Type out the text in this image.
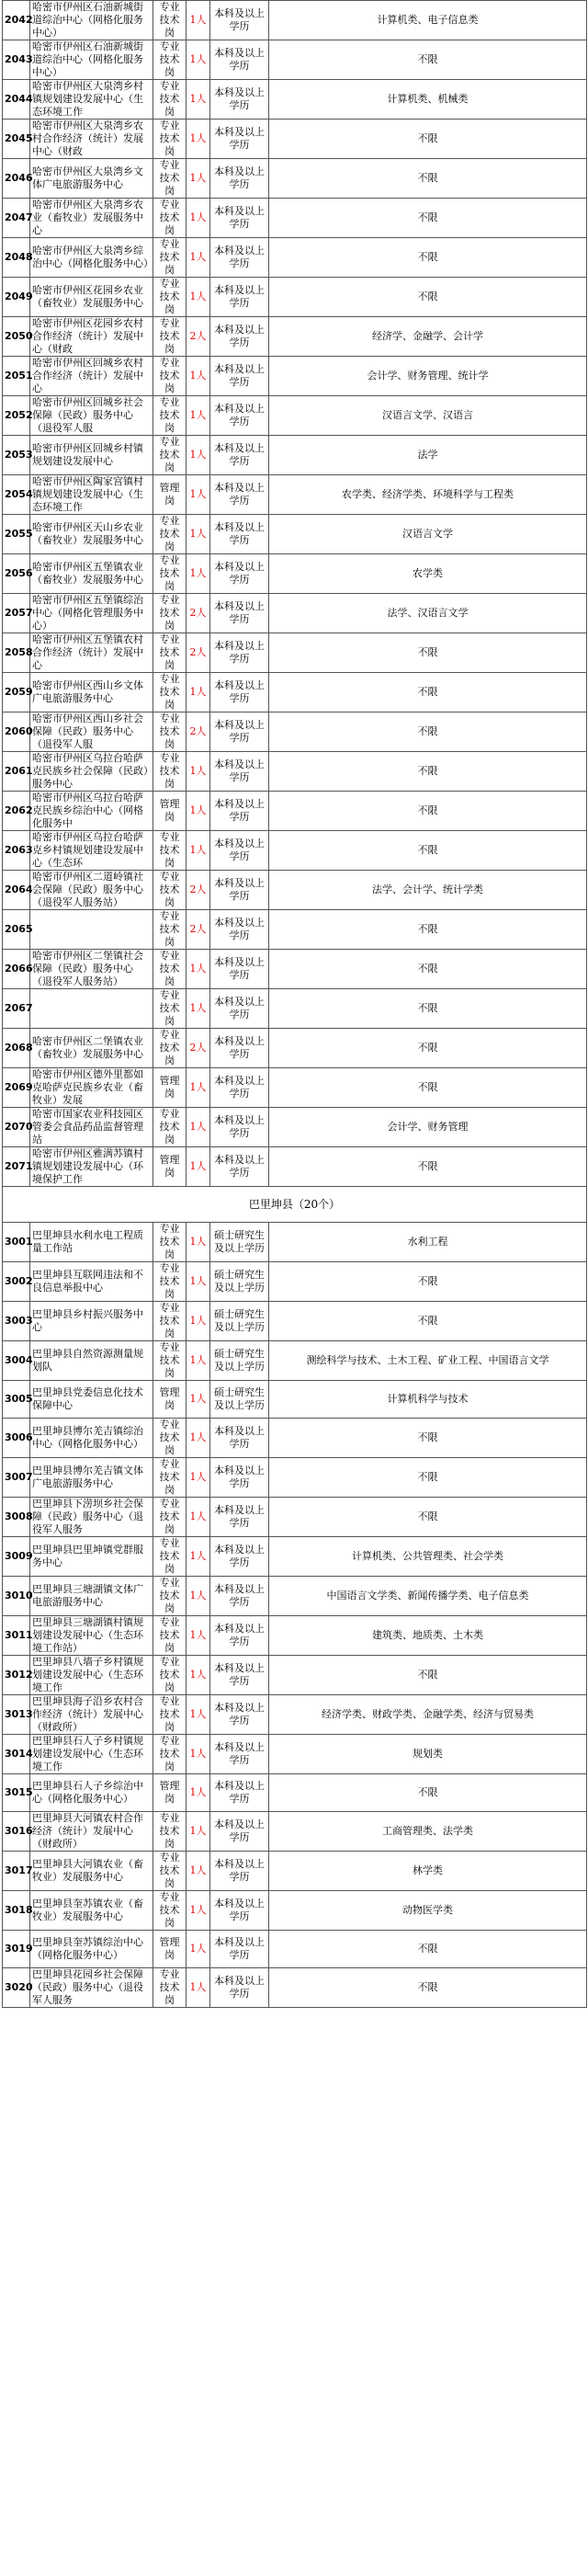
2042	哈密市伊州区石油新城街道综治中心（网格化服务中心）	专业技术岗	1人	本科及以上学历	计算机类、电子信息类
2043	哈密市伊州区石油新城街道综治中心（网格化服务中心）	专业技术岗	1人	本科及以上学历	不限
2044	哈密市伊州区大泉湾乡村镇规划建设发展中心（生态环境工作	专业技术岗	1人	本科及以上学历	计算机类、机械类
2045	哈密市伊州区大泉湾乡农村合作经济（统计）发展中心（财政	专业技术岗	1人	本科及以上学历	不限
2046	哈密市伊州区大泉湾乡文体广电旅游服务中心	专业技术岗	1人	本科及以上学历	不限
2047	哈密市伊州区大泉湾乡农业（畜牧业）发展服务中心	专业技术岗	1人	本科及以上学历	不限
2048	哈密市伊州区大泉湾乡综治中心（网格化服务中心）	专业技术岗	1人	本科及以上学历	不限
2049	哈密市伊州区花园乡农业（畜牧业）发展服务中心	专业技术岗	1人	本科及以上学历	不限
2050	哈密市伊州区花园乡农村合作经济（统计）发展中心（财政	专业技术岗	2人	本科及以上学历	经济学、金融学、会计学
2051	哈密市伊州区回城乡农村合作经济（统计）发展中心	专业技术岗	1人	本科及以上学历	会计学、财务管理、统计学
2052	哈密市伊州区回城乡社会保障（民政）服务中心（退役军人服	专业技术岗	1人	本科及以上学历	汉语言文学、汉语言
2053	哈密市伊州区回城乡村镇规划建设发展中心	专业技术岗	1人	本科及以上学历	法学
2054	哈密市伊州区陶家宫镇村镇规划建设发展中心（生态环境工作	管理岗	1人	本科及以上学历	农学类、经济学类、环境科学与工程类
2055	哈密市伊州区天山乡农业（畜牧业）发展服务中心	专业技术岗	1人	本科及以上学历	汉语言文学
2056	哈密市伊州区五堡镇农业（畜牧业）发展服务中心	专业技术岗	1人	本科及以上学历	农学类
2057	哈密市伊州区五堡镇综治中心（网格化管理服务中心）	专业技术岗	2人	本科及以上学历	法学、汉语言文学
2058	哈密市伊州区五堡镇农村合作经济（统计）发展中心	专业技术岗	2人	本科及以上学历	不限
2059	哈密市伊州区西山乡文体广电旅游服务中心	专业技术岗	1人	本科及以上学历	不限
2060	哈密市伊州区西山乡社会保障（民政）服务中心（退役军人服	专业技术岗	2人	本科及以上学历	不限
2061	哈密市伊州区乌拉台哈萨克民族乡社会保障（民政）服务中心	专业技术岗	1人	本科及以上学历	不限
2062	哈密市伊州区乌拉台哈萨克民族乡综治中心（网格化服务中	管理岗	1人	本科及以上学历	不限
2063	哈密市伊州区乌拉台哈萨克乡村镇规划建设发展中心（生态环	专业技术岗	1人	本科及以上学历	不限
2064	哈密市伊州区二道岭镇社会保障（民政）服务中心（退役军人服务站）	专业技术岗	2人	本科及以上学历	法学、会计学、统计学类
2065		专业技术岗	2人	本科及以上学历	不限
2066	哈密市伊州区二堡镇社会保障（民政）服务中心（退役军人服务站）	专业技术岗	1人	本科及以上学历	不限
2067		专业技术岗	1人	本科及以上学历	不限
2068	哈密市伊州区二堡镇农业（畜牧业）发展服务中心	专业技术岗	2人	本科及以上学历	不限
2069	哈密市伊州区德外里都如克哈萨克民族乡农业（畜牧业）发展	管理岗	1人	本科及以上学历	不限
2070	哈密市国家农业科技园区管委会食品药品监督管理站	专业技术岗	1人	本科及以上学历	会计学、财务管理
2071	哈密市伊州区雅满苏镇村镇规划建设发展中心（环境保护工作	管理岗	1人	本科及以上学历	不限
巴里坤县（20个）					
3001	巴里坤县水利水电工程质量工作站	专业技术岗	1人	硕士研究生及以上学历	水利工程
3002	巴里坤县互联网违法和不良信息举报中心	专业技术岗	1人	硕士研究生及以上学历	不限
3003	巴里坤县乡村振兴服务中心	专业技术岗	1人	硕士研究生及以上学历	不限
3004	巴里坤县自然资源测量规划队	专业技术岗	1人	硕士研究生及以上学历	测绘科学与技术、土木工程、矿业工程、中国语言文学
3005	巴里坤县党委信息化技术保障中心	管理岗	1人	硕士研究生及以上学历	计算机科学与技术
3006	巴里坤县博尔羌吉镇综治中心（网格化服务中心）	专业技术岗	1人	本科及以上学历	不限
3007	巴里坤县博尔羌吉镇文体广电旅游服务中心	专业技术岗	1人	本科及以上学历	不限
3008	巴里坤县下涝坝乡社会保障（民政）服务中心（退役军人服务	专业技术岗	1人	本科及以上学历	不限
3009	巴里坤县巴里坤镇党群服务中心	专业技术岗	1人	本科及以上学历	计算机类、公共管理类、社会学类
3010	巴里坤县三塘湖镇文体广电旅游服务中心	专业技术岗	1人	本科及以上学历	中国语言文学类、新闻传播学类、电子信息类
3011	巴里坤县三塘湖镇村镇规划建设发展中心（生态环境工作站）	专业技术岗	1人	本科及以上学历	建筑类、地质类、土木类
3012	巴里坤县八墙子乡村镇规划建设发展中心（生态环境工作	专业技术岗	1人	本科及以上学历	不限
3013	巴里坤县海子沿乡农村合作经济（统计）发展中心（财政所）	专业技术岗	1人	本科及以上学历	经济学类、财政学类、金融学类、经济与贸易类
3014	巴里坤县石人子乡村镇规划建设发展中心（生态环境工作	专业技术岗	1人	本科及以上学历	规划类
3015	巴里坤县石人子乡综治中心（网格化服务中心）	管理岗	1人	本科及以上学历	不限
3016	巴里坤县大河镇农村合作经济（统计）发展中心（财政所）	专业技术岗	1人	本科及以上学历	工商管理类、法学类
3017	巴里坤县大河镇农业（畜牧业）发展服务中心	专业技术岗	1人	本科及以上学历	林学类
3018	巴里坤县奎苏镇农业（畜牧业）发展服务中心	专业技术岗	1人	本科及以上学历	动物医学类
3019	巴里坤县奎苏镇综治中心（网格化服务中心）	管理岗	1人	本科及以上学历	不限
3020	巴里坤县花园乡社会保障（民政）服务中心（退役军人服务	专业技术岗	1人	本科及以上学历	不限
